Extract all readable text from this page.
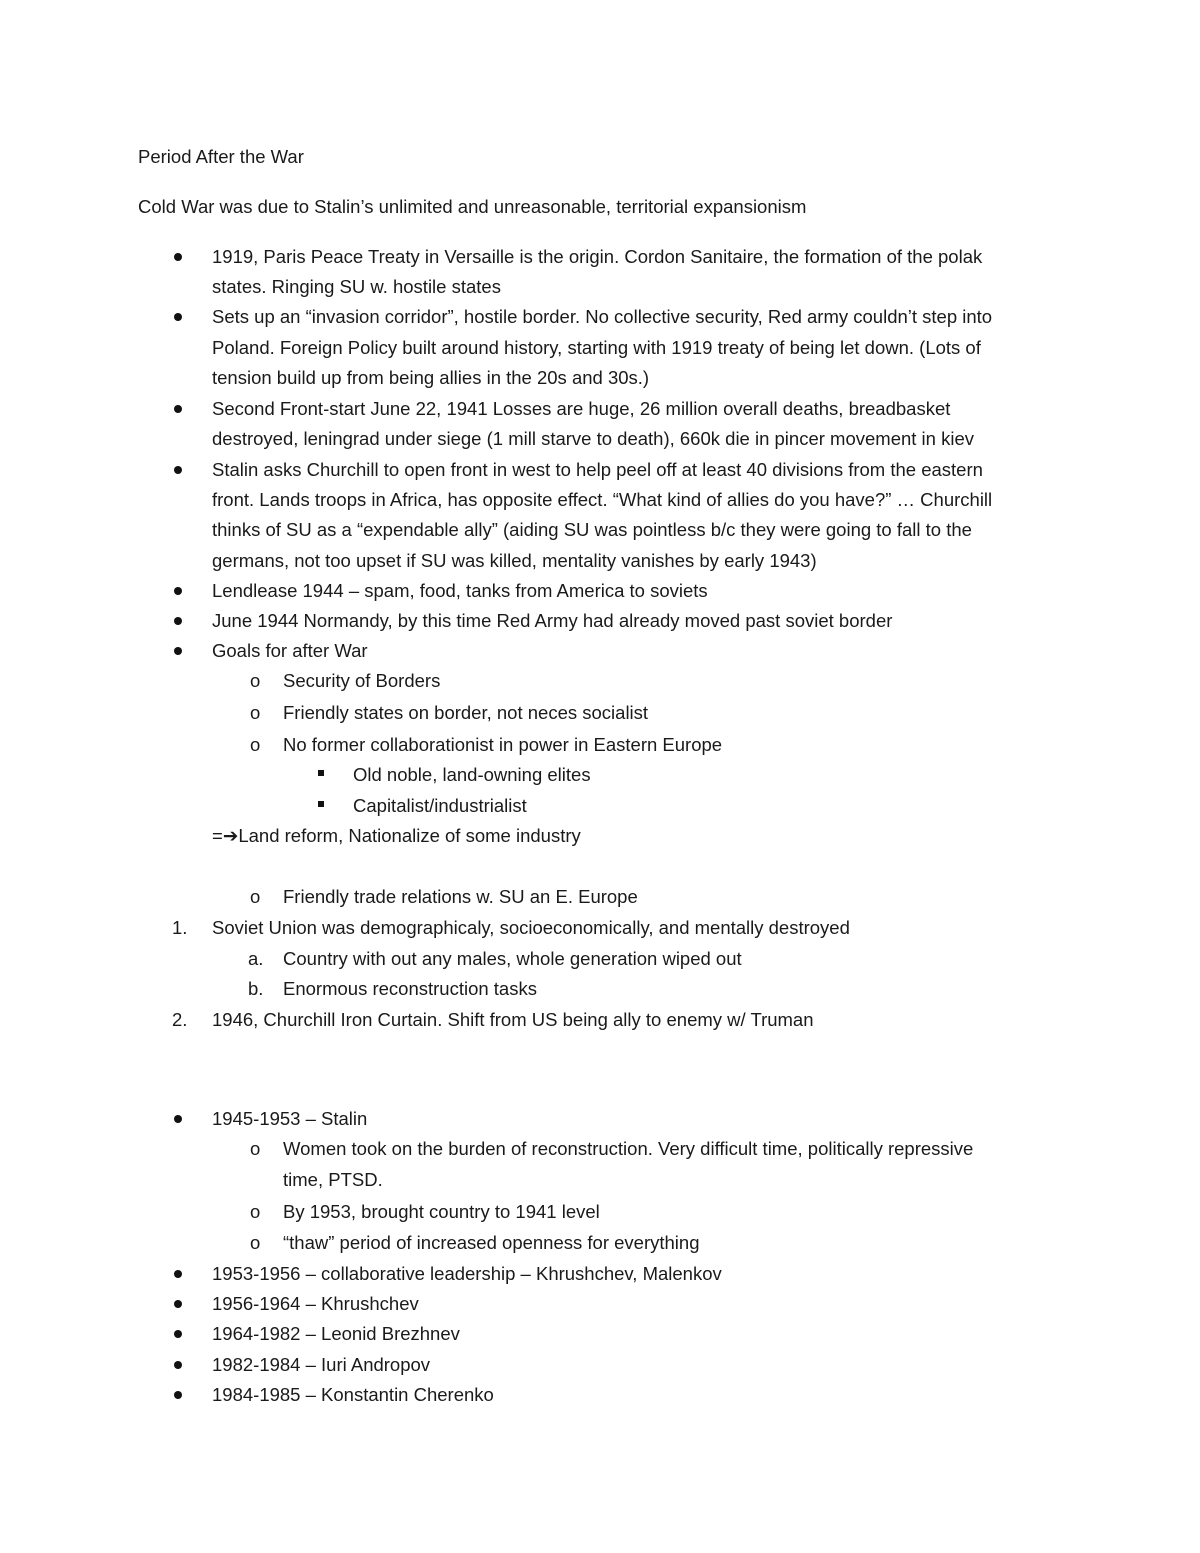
Period After the War

Cold War was due to Stalin’s unlimited and unreasonable, territorial expansionism

1919, Paris Peace Treaty in Versaille is the origin. Cordon Sanitaire, the formation of the polak

states. Ringing SU w. hostile states

Sets up an “invasion corridor”, hostile border. No collective security, Red army couldn’t step into

Poland. Foreign Policy built around history, starting with 1919 treaty of being let down. (Lots of

tension build up from being allies in the 20s and 30s.)

Second Front-start June 22, 1941 Losses are huge, 26 million overall deaths, breadbasket

destroyed, leningrad under siege (1 mill starve to death), 660k die in pincer movement in kiev

Stalin asks Churchill to open front in west to help peel off at least 40 divisions from the eastern

front. Lands troops in Africa, has opposite effect. “What kind of allies do you have?” … Churchill

thinks of SU as a “expendable ally” (aiding SU was pointless b/c they were going to fall to the

germans, not too upset if SU was killed, mentality vanishes by early 1943)

Lendlease 1944 – spam, food, tanks from America to soviets

June 1944 Normandy, by this time Red Army had already moved past soviet border

Goals for after War

o Security of Borders

o Friendly states on border, not neces socialist

o No former collaborationist in power in Eastern Europe

Old noble, land-owning elites

Capitalist/industrialist

=➔Land reform, Nationalize of some industry

o Friendly trade relations w. SU an E. Europe

1. Soviet Union was demographicaly, socioeconomically, and mentally destroyed

a. Country with out any males, whole generation wiped out

b. Enormous reconstruction tasks

2. 1946, Churchill Iron Curtain. Shift from US being ally to enemy w/ Truman

1945-1953 – Stalin

o Women took on the burden of reconstruction. Very difficult time, politically repressive

time, PTSD.

o By 1953, brought country to 1941 level

o “thaw” period of increased openness for everything

1953-1956 – collaborative leadership – Khrushchev, Malenkov

1956-1964 – Khrushchev

1964-1982 – Leonid Brezhnev

1982-1984 – Iuri Andropov

1984-1985 – Konstantin Cherenko
